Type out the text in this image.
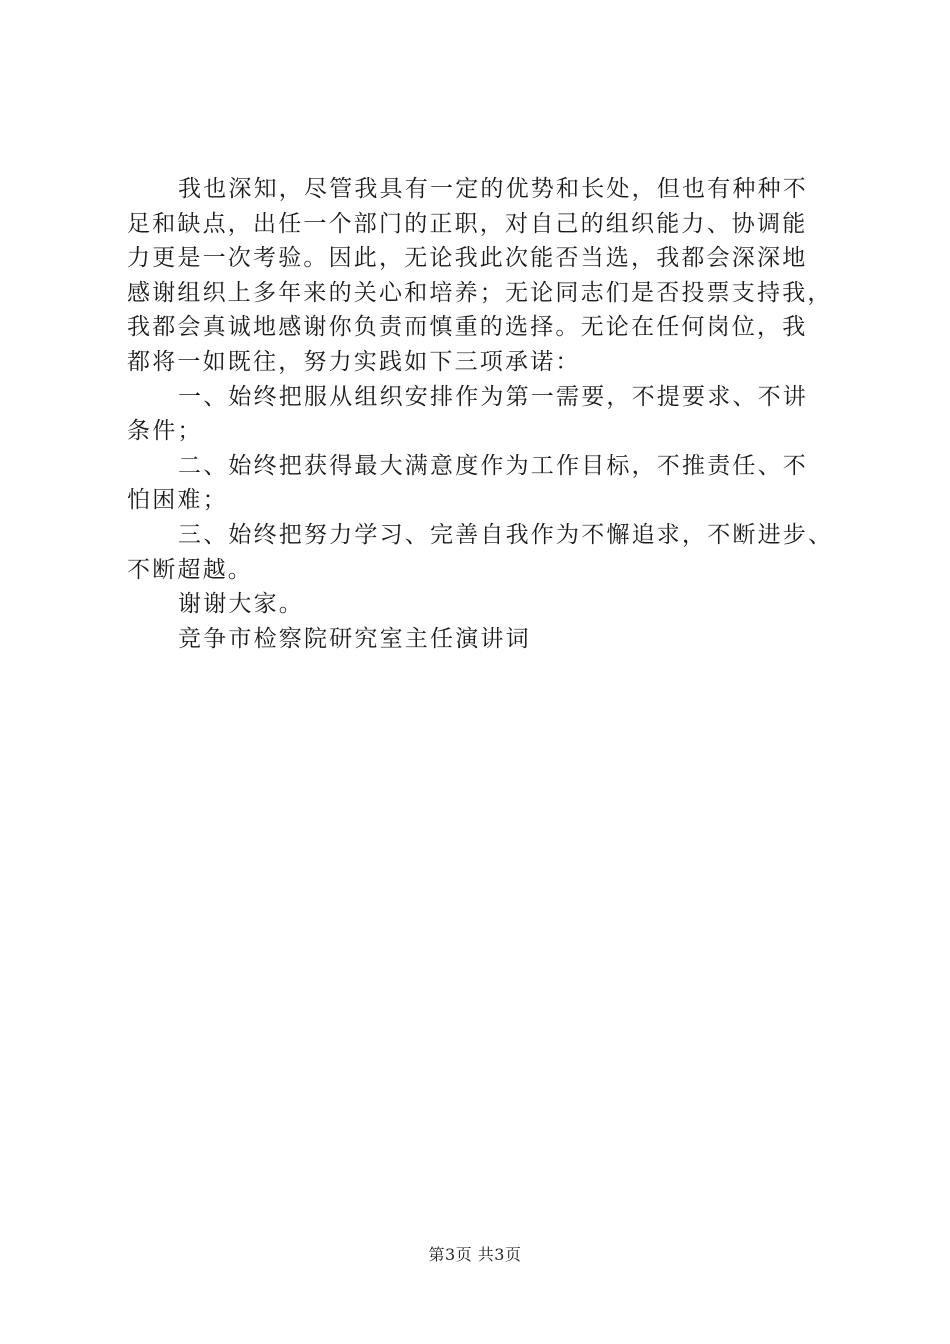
我也深知，尽管我具有一定的优势和长处，但也有种种不
足和缺点，出任一个部门的正职，对自己的组织能力、协调能
力更是一次考验。因此，无论我此次能否当选，我都会深深地
感谢组织上多年来的关心和培养；无论同志们是否投票支持我，
我都会真诚地感谢你负责而慎重的选择。无论在任何岗位，我
都将一如既往，努力实践如下三项承诺：
一、始终把服从组织安排作为第一需要，不提要求、不讲
条件；
二、始终把获得最大满意度作为工作目标，不推责任、不
怕困难；
三、始终把努力学习、完善自我作为不懈追求，不断进步、
不断超越。
谢谢大家。
竞争市检察院研究室主任演讲词
第3页 共3页
